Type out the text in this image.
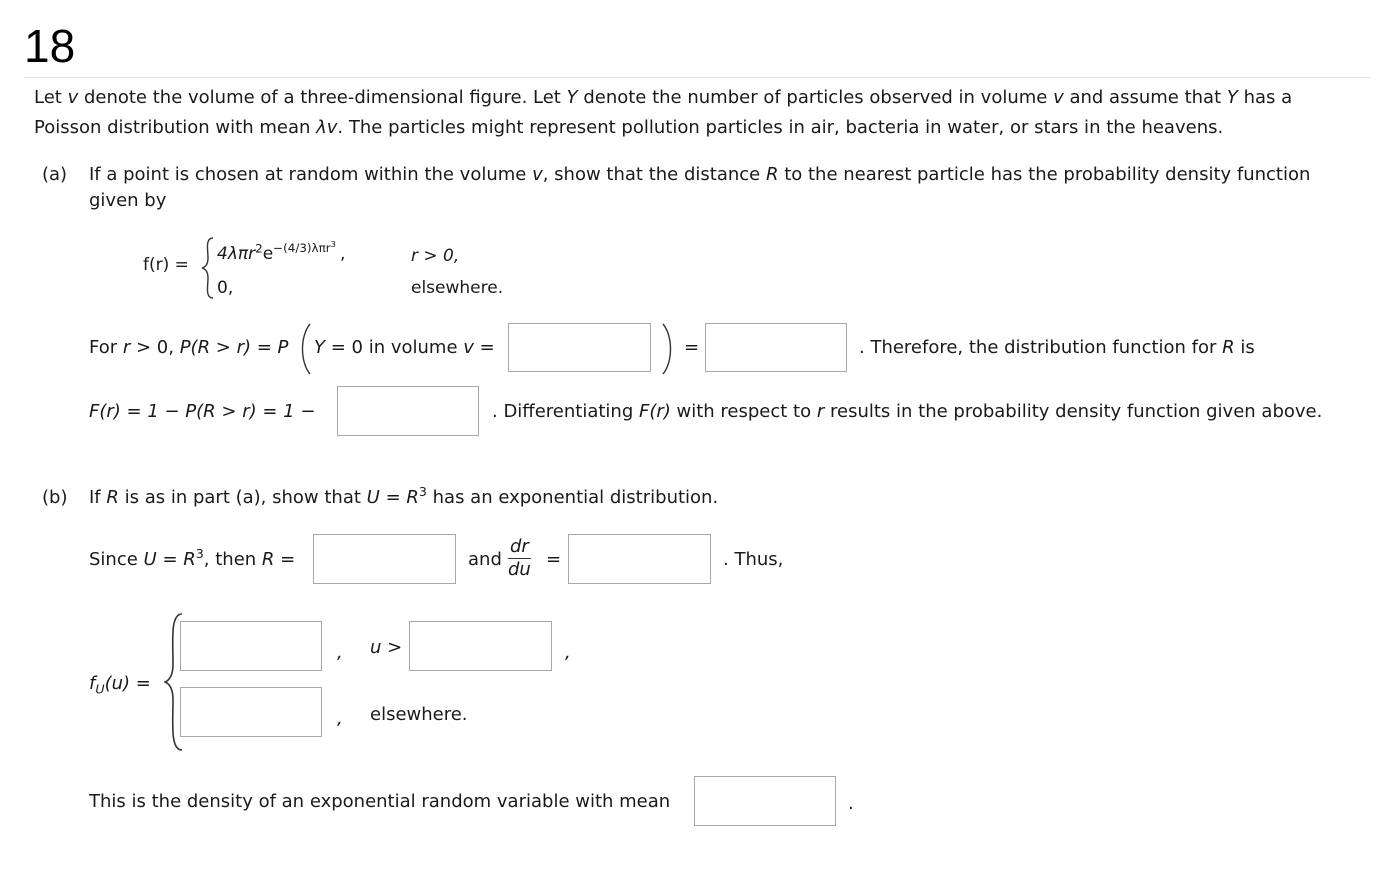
18
Let v denote the volume of a three-dimensional figure. Let Y denote the number of particles observed in volume v and assume that Y has a
Poisson distribution with mean λv. The particles might represent pollution particles in air, bacteria in water, or stars in the heavens.
(a) If a point is chosen at random within the volume v, show that the distance R to the nearest particle has the probability density function
given by
f(r) =
$4\lambda\pi r^2e^{-(4/3)\lambda\pi r^3}$ ,	r > 0,
0,	elsewhere.
For r > 0, P(R > r) = P Y = 0 in volume v =	=	. Therefore, the distribution function for R is
F(r) = 1 − P(R > r) = 1 −	. Differentiating F(r) with respect to r results in the probability density function given above.
(b) If R is as in part (a), show that $U = R^3$ has an exponential distribution.
Since $U = R^3$, then R =	and $\frac{dr}{du}$ =	. Thus,
$f_U(u)$ =
, u >	,
, elsewhere.
This is the density of an exponential random variable with mean	.
